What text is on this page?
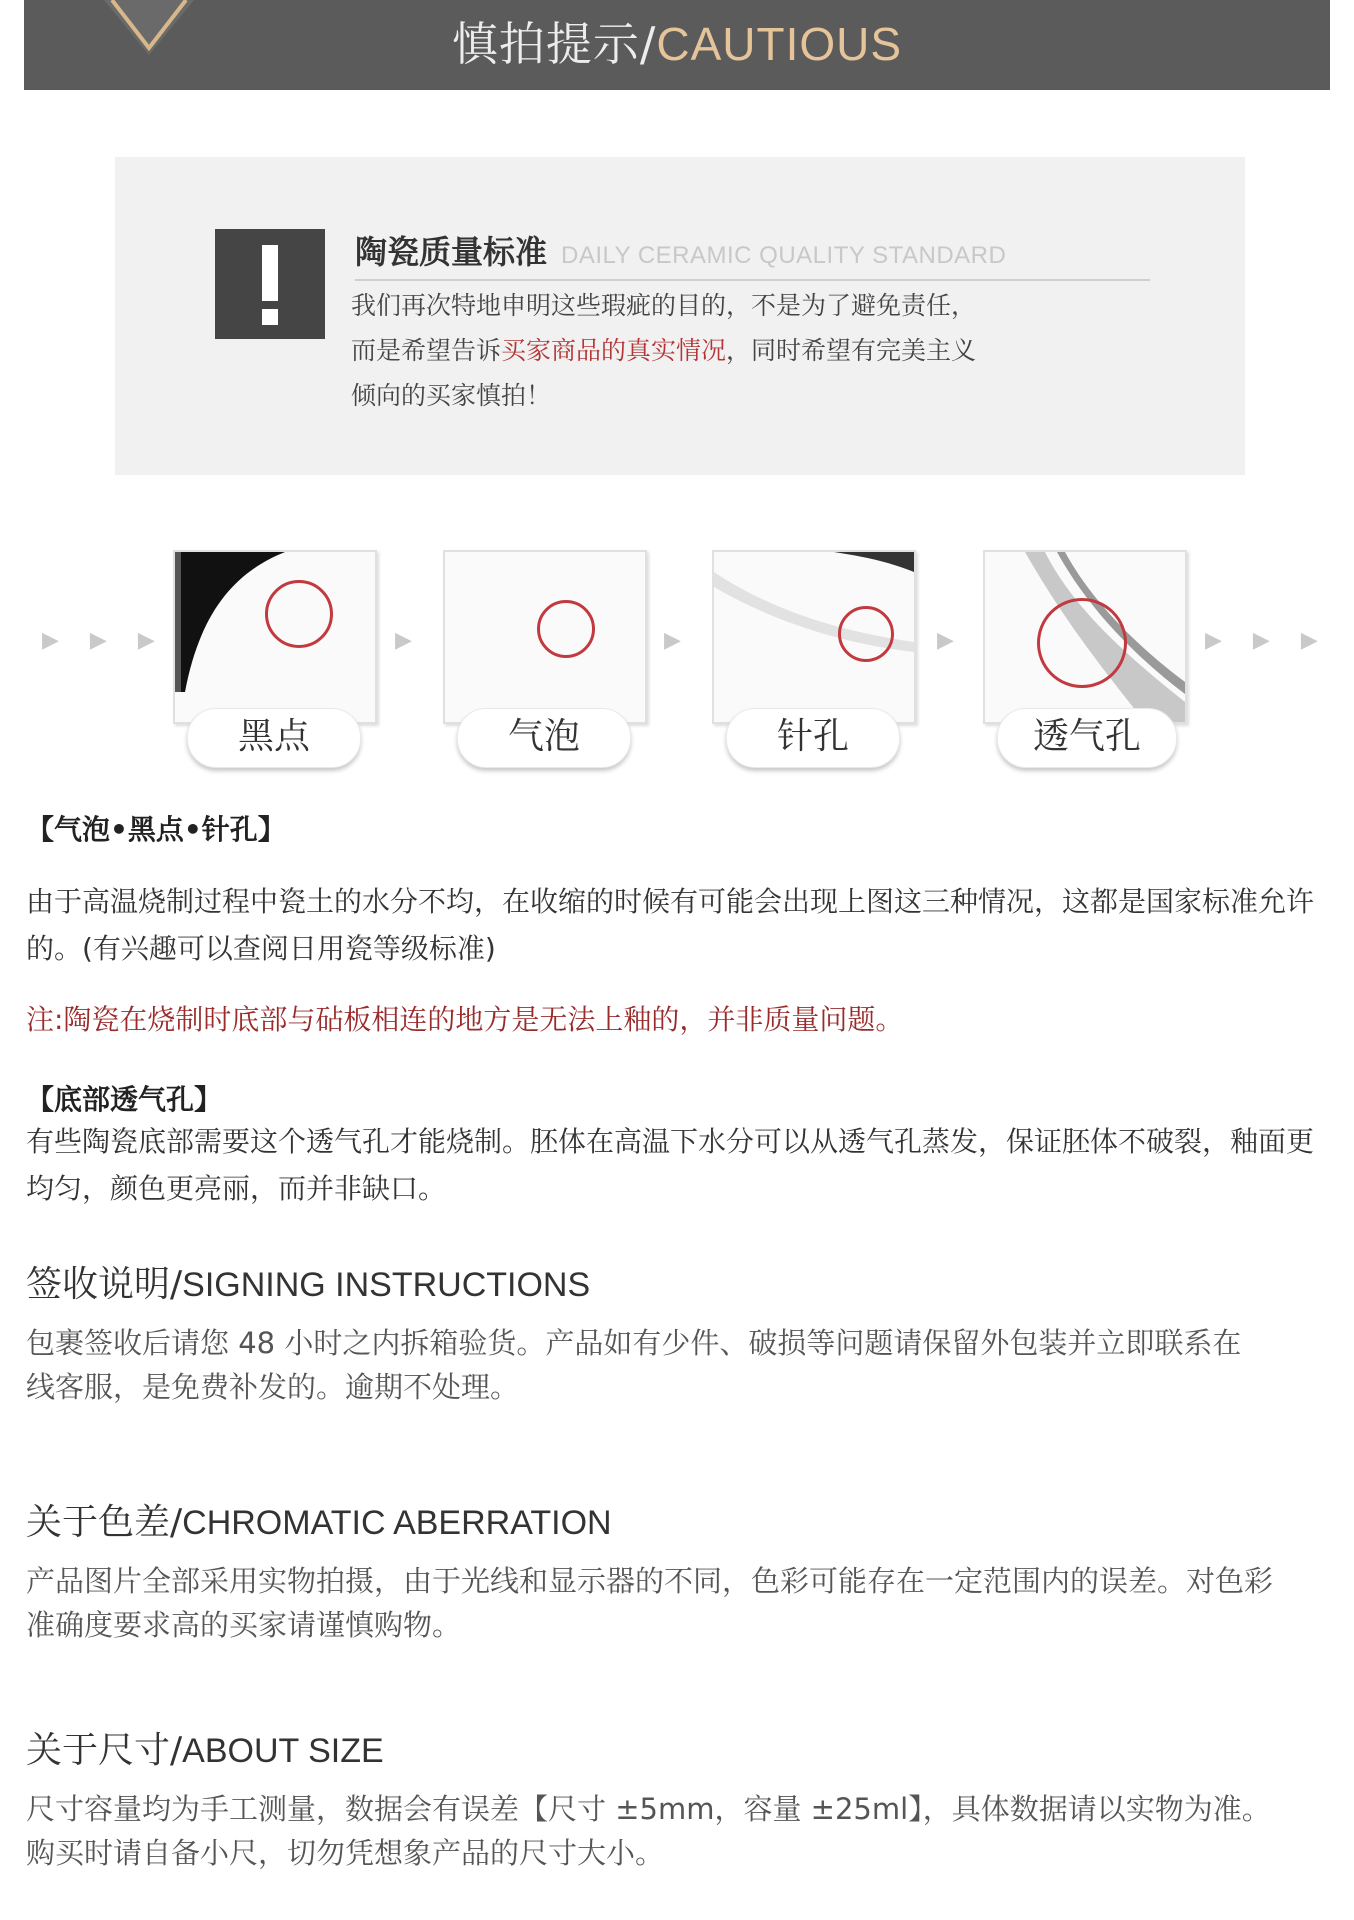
慎拍提示/CAUTIOUS
陶瓷质量标准 DAILY CERAMIC QUALITY STANDARD
我们再次特地申明这些瑕疵的目的，不是为了避免责任，
而是希望告诉买家商品的真实情况，同时希望有完美主义
倾向的买家慎拍！
▶ ▶ ▶
黑点
▶
气泡
▶
针孔
▶
透气孔
▶ ▶ ▶
【气泡•黑点•针孔】
由于高温烧制过程中瓷土的水分不均，在收缩的时候有可能会出现上图这三种情况，这都是国家标准允许的。(有兴趣可以查阅日用瓷等级标准)
注:陶瓷在烧制时底部与砧板相连的地方是无法上釉的，并非质量问题。
【底部透气孔】
有些陶瓷底部需要这个透气孔才能烧制。胚体在高温下水分可以从透气孔蒸发，保证胚体不破裂，釉面更均匀，颜色更亮丽，而并非缺口。
签收说明/SIGNING INSTRUCTIONS
包裹签收后请您 48 小时之内拆箱验货。产品如有少件、破损等问题请保留外包装并立即联系在线客服，是免费补发的。逾期不处理。
关于色差/CHROMATIC ABERRATION
产品图片全部采用实物拍摄，由于光线和显示器的不同，色彩可能存在一定范围内的误差。对色彩准确度要求高的买家请谨慎购物。
关于尺寸/ABOUT SIZE
尺寸容量均为手工测量，数据会有误差【尺寸 ±5mm，容量 ±25ml】，具体数据请以实物为准。购买时请自备小尺，切勿凭想象产品的尺寸大小。
